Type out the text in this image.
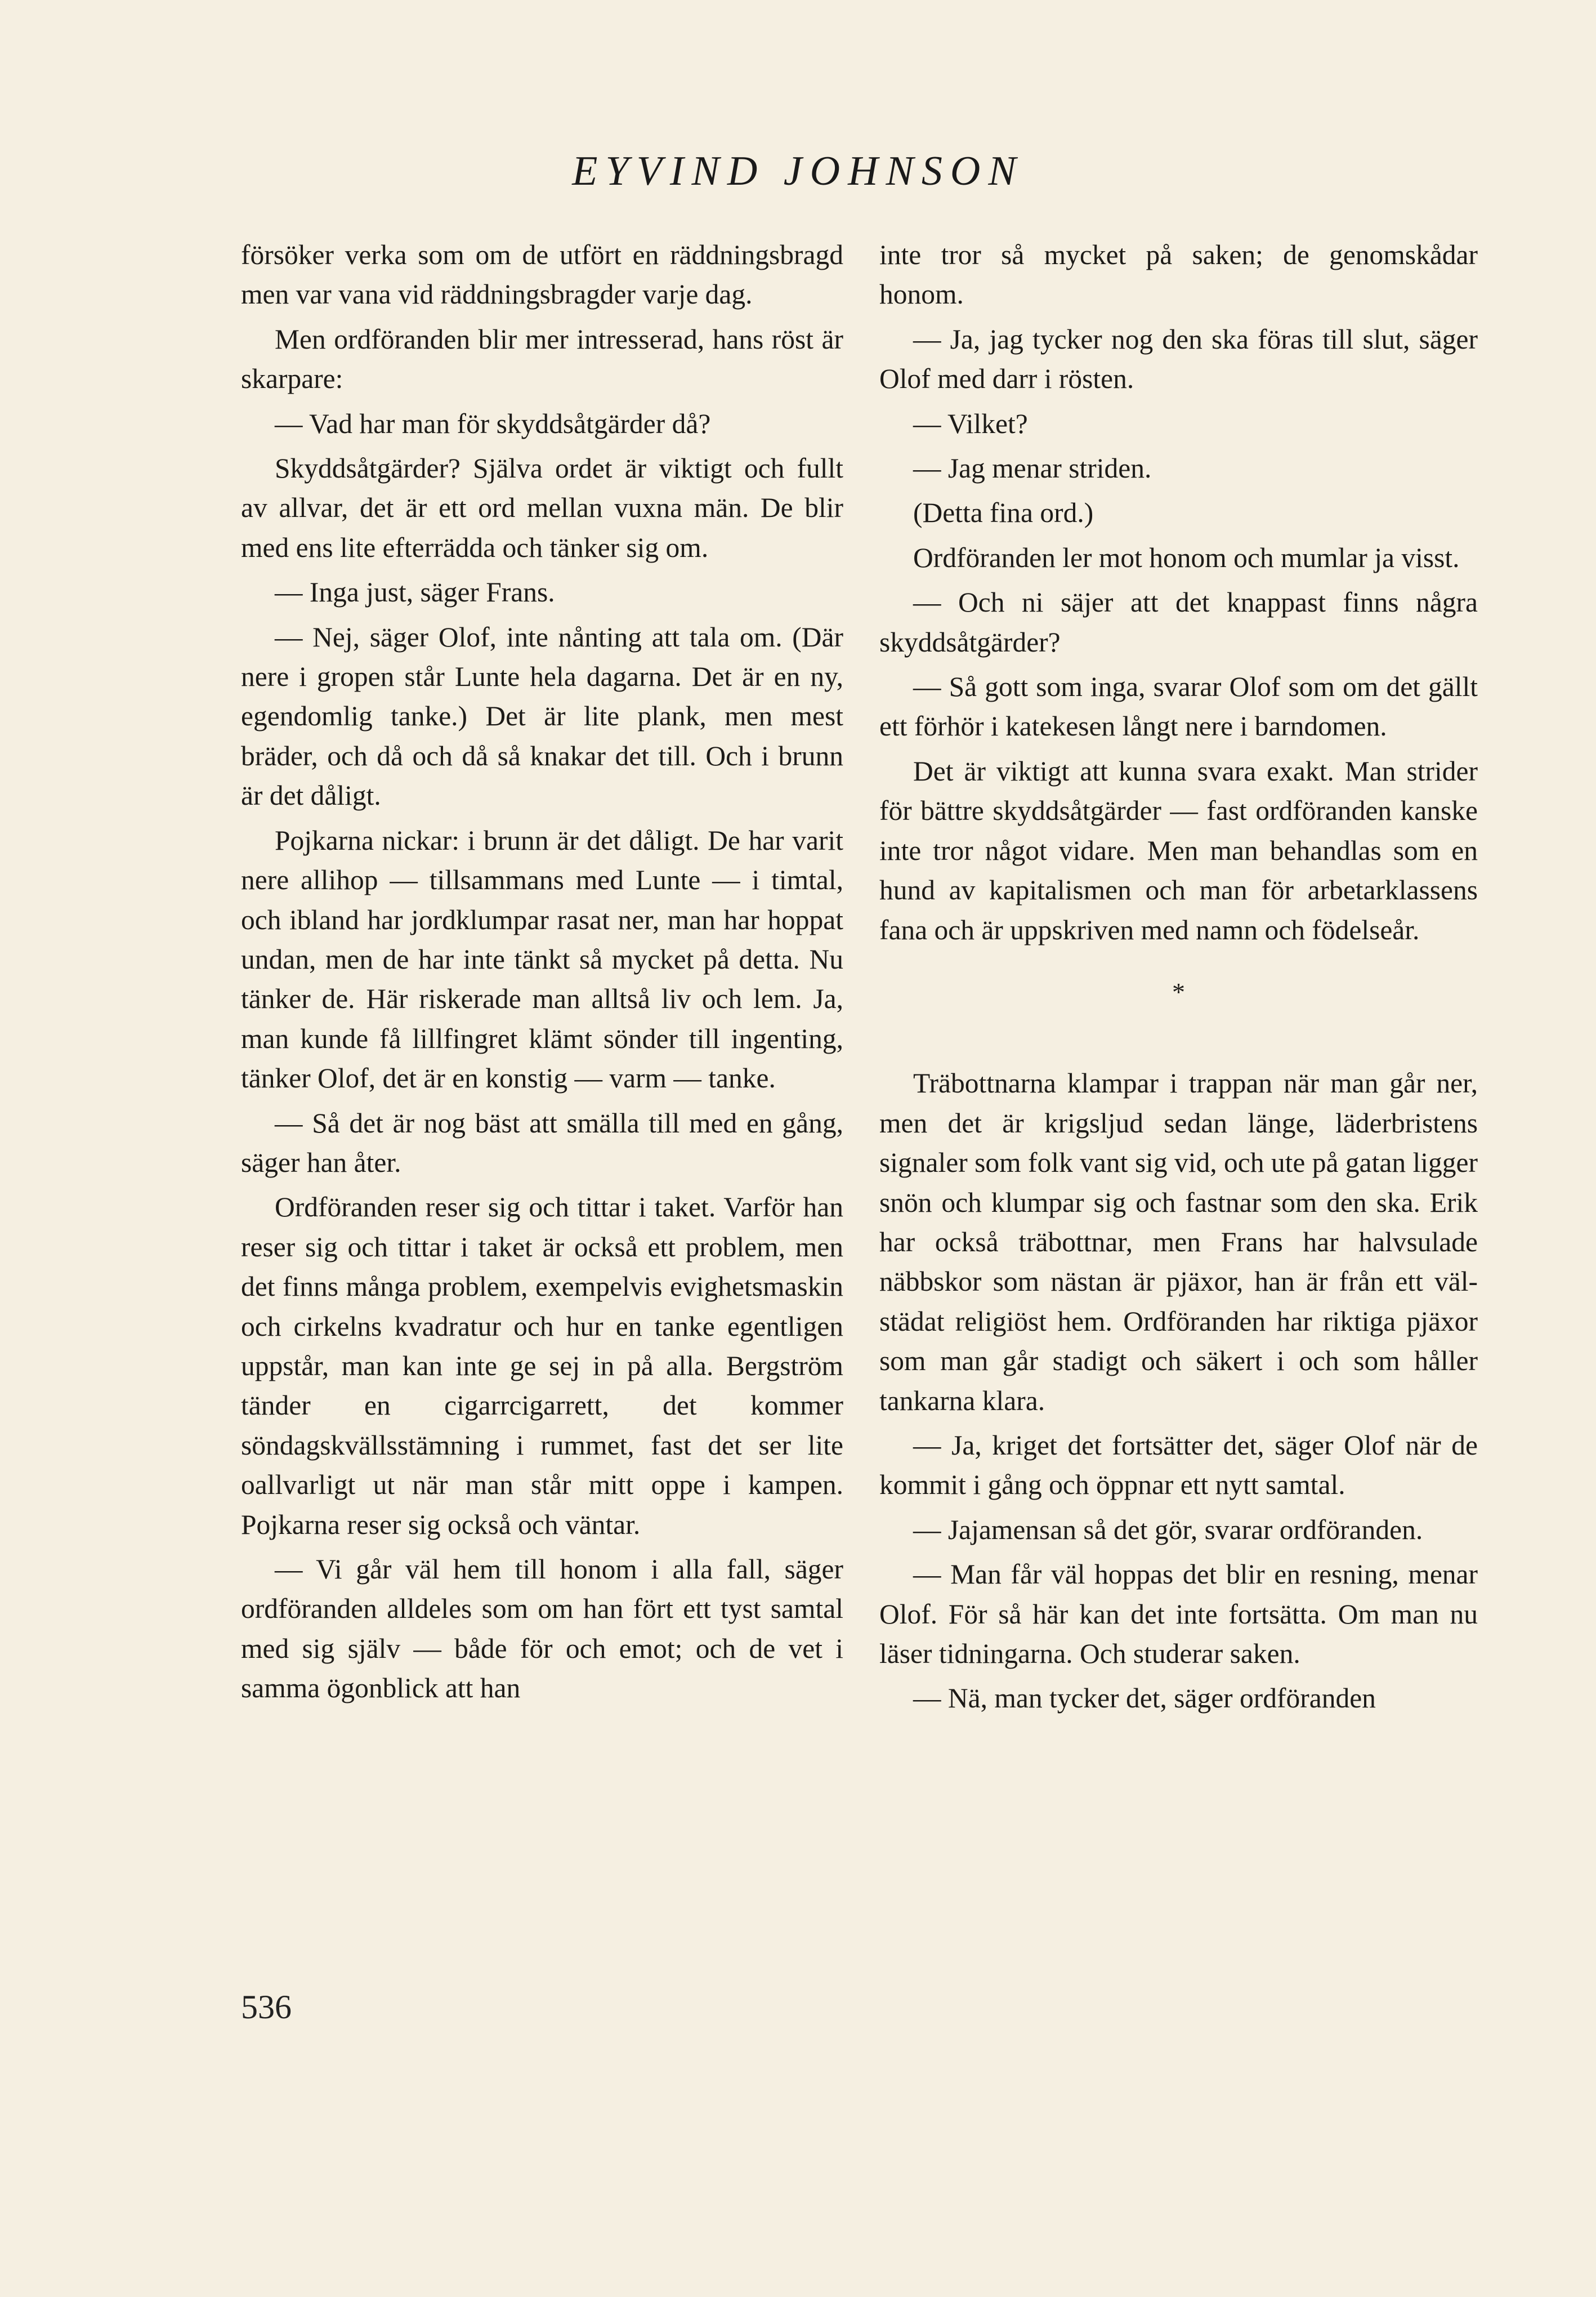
EYVIND JOHNSON

försöker verka som om de utfört en räddningsbragd men var vana vid räddningsbragder varje dag.

Men ordföranden blir mer intresserad, hans röst är skarpare:

— Vad har man för skyddsåtgärder då?

Skyddsåtgärder? Själva ordet är viktigt och fullt av allvar, det är ett ord mellan vuxna män. De blir med ens lite efterrädda och tänker sig om.

— Inga just, säger Frans.

— Nej, säger Olof, inte nånting att tala om. (Där nere i gropen står Lunte hela dagarna. Det är en ny, egendomlig tanke.) Det är lite plank, men mest bräder, och då och då så knakar det till. Och i brunn är det dåligt.

Pojkarna nickar: i brunn är det dåligt. De har varit nere allihop — tillsammans med Lunte — i timtal, och ibland har jordklumpar rasat ner, man har hoppat undan, men de har inte tänkt så mycket på detta. Nu tänker de. Här riskerade man alltså liv och lem. Ja, man kunde få lillfingret klämt sönder till ingenting, tänker Olof, det är en konstig — varm — tanke.

— Så det är nog bäst att smälla till med en gång, säger han åter.

Ordföranden reser sig och tittar i taket. Varför han reser sig och tittar i taket är också ett problem, men det finns många problem, exempelvis evighetsmaskin och cirkelns kvadratur och hur en tanke egentligen uppstår, man kan inte ge sej in på alla. Bergström tänder en cigarrcigarrett, det kommer söndagskvällsstämning i rummet, fast det ser lite oallvarligt ut när man står mitt oppe i kampen. Pojkarna reser sig också och väntar.

— Vi går väl hem till honom i alla fall, säger ordföranden alldeles som om han fört ett tyst samtal med sig själv — både för och emot; och de vet i samma ögonblick att han

inte tror så mycket på saken; de genomskådar honom.

— Ja, jag tycker nog den ska föras till slut, säger Olof med darr i rösten.

— Vilket?

— Jag menar striden.

(Detta fina ord.)

Ordföranden ler mot honom och mumlar ja visst.

— Och ni säjer att det knappast finns några skyddsåtgärder?

— Så gott som inga, svarar Olof som om det gällt ett förhör i katekesen långt nere i barndomen.

Det är viktigt att kunna svara exakt. Man strider för bättre skyddsåtgärder — fast ordföranden kanske inte tror något vidare. Men man behandlas som en hund av kapitalismen och man för arbetarklassens fana och är uppskriven med namn och födelseår.

*

Träbottnarna klampar i trappan när man går ner, men det är krigsljud sedan länge, läderbristens signaler som folk vant sig vid, och ute på gatan ligger snön och klumpar sig och fastnar som den ska. Erik har också träbottnar, men Frans har halvsulade näbbskor som nästan är pjäxor, han är från ett välstädat religiöst hem. Ordföranden har riktiga pjäxor som man går stadigt och säkert i och som håller tankarna klara.

— Ja, kriget det fortsätter det, säger Olof när de kommit i gång och öppnar ett nytt samtal.

— Jajamensan så det gör, svarar ordföranden.

— Man får väl hoppas det blir en resning, menar Olof. För så här kan det inte fortsätta. Om man nu läser tidningarna. Och studerar saken.

— Nä, man tycker det, säger ordföranden

536
